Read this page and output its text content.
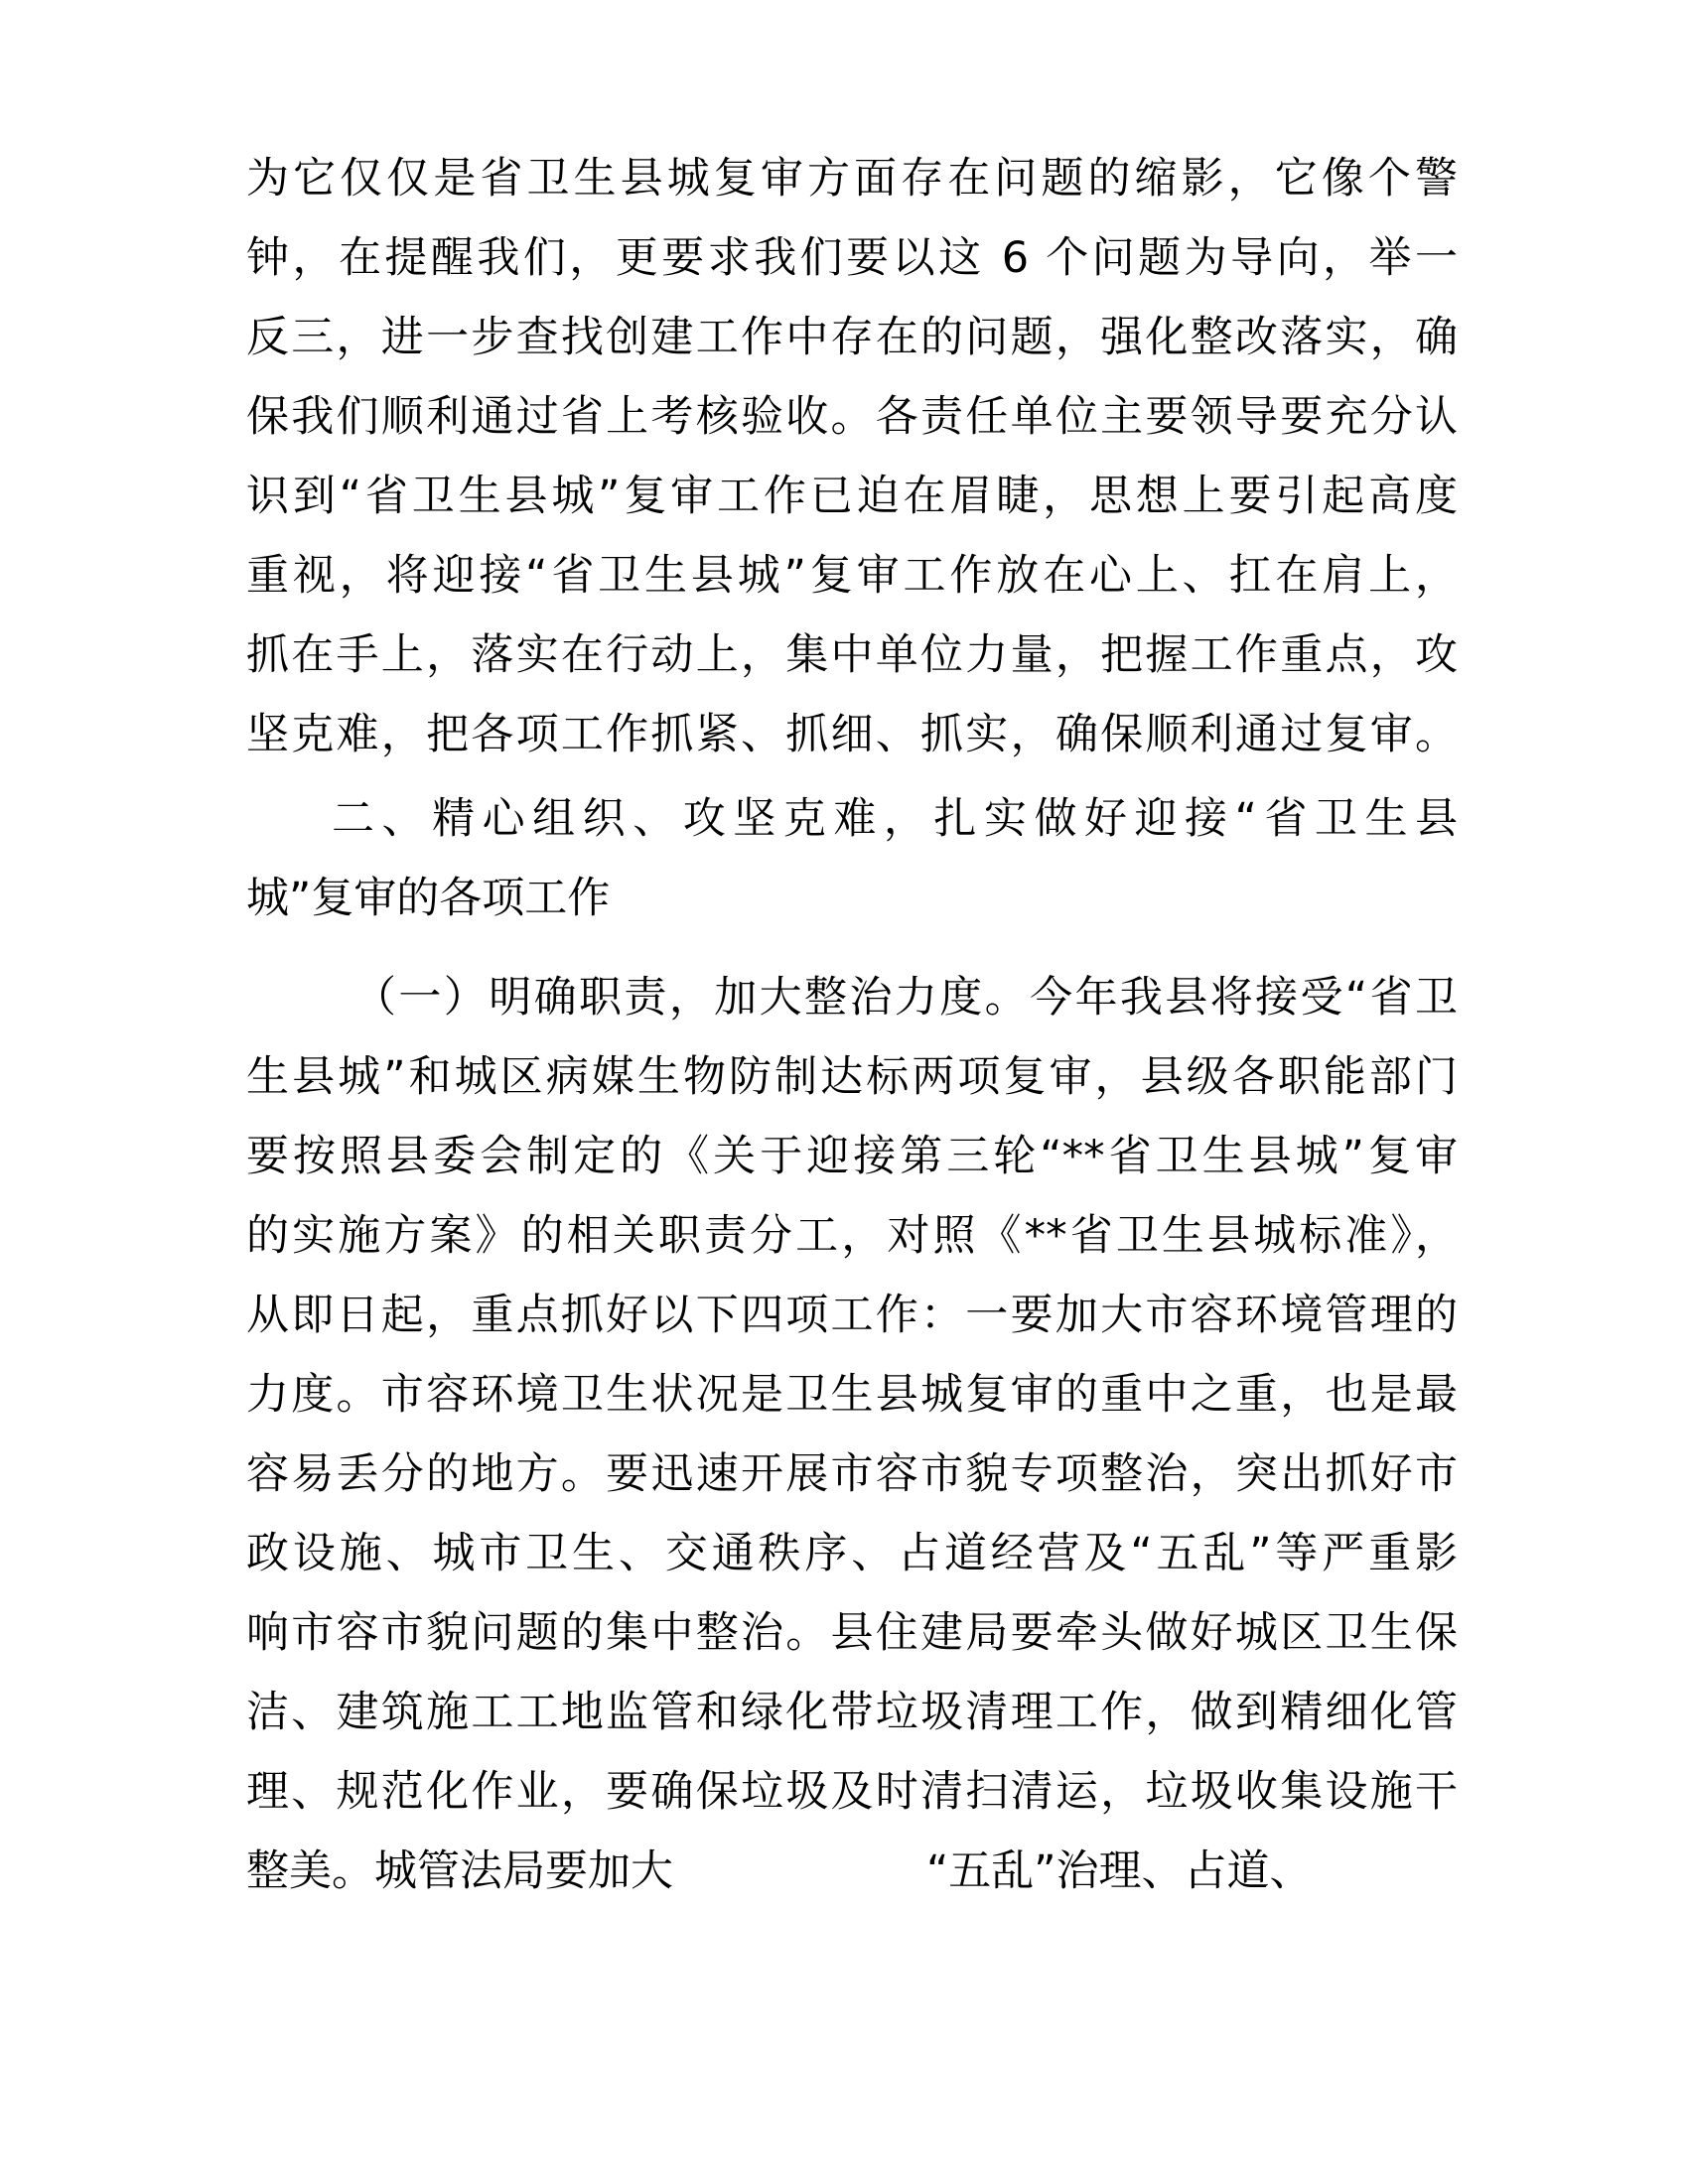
为它仅仅是省卫生县城复审方面存在问题的缩影，它像个警
钟，在提醒我们，更要求我们要以这 6 个问题为导向，举一
反三，进一步查找创建工作中存在的问题，强化整改落实，确
保我们顺利通过省上考核验收。各责任单位主要领导要充分认
识到“省卫生县城”复审工作已迫在眉睫，思想上要引起高度
重视，将迎接“省卫生县城”复审工作放在心上、扛在肩上，
抓在手上，落实在行动上，集中单位力量，把握工作重点，攻
坚克难，把各项工作抓紧、抓细、抓实，确保顺利通过复审。
二、精心组织、攻坚克难，扎实做好迎接“省卫生县
城”复审的各项工作
（一）明确职责，加大整治力度。今年我县将接受“省卫
生县城”和城区病媒生物防制达标两项复审，县级各职能部门
要按照县委会制定的《关于迎接第三轮“**省卫生县城”复审
的实施方案》的相关职责分工，对照《**省卫生县城标准》，
从即日起，重点抓好以下四项工作：一要加大市容环境管理的
力度。市容环境卫生状况是卫生县城复审的重中之重，也是最
容易丢分的地方。要迅速开展市容市貌专项整治，突出抓好市
政设施、城市卫生、交通秩序、占道经营及“五乱”等严重影
响市容市貌问题的集中整治。县住建局要牵头做好城区卫生保
洁、建筑施工工地监管和绿化带垃圾清理工作，做到精细化管
理、规范化作业，要确保垃圾及时清扫清运，垃圾收集设施干
整美。城管法局要加大	“五乱”治理、占道、
